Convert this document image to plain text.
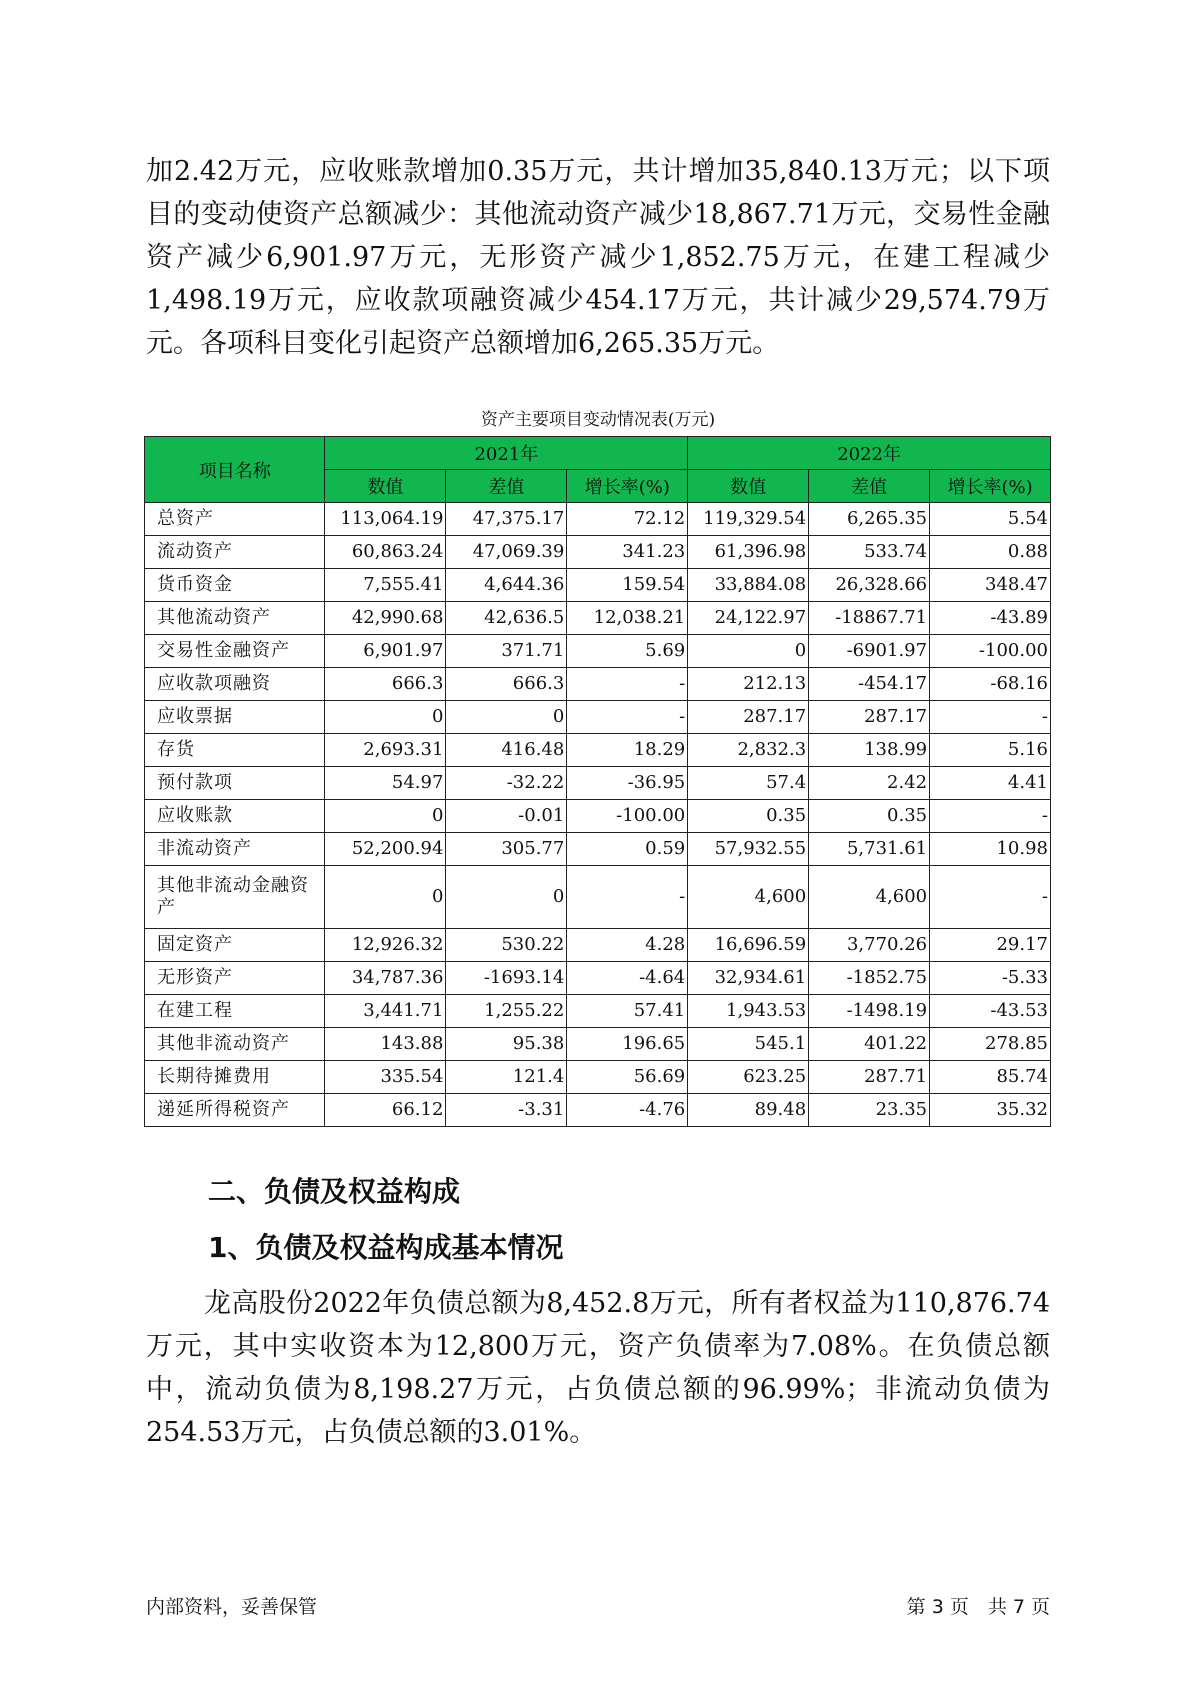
加2.42万元，应收账款增加0.35万元，共计增加35,840.13万元；以下项目的变动使资产总额减少：其他流动资产减少18,867.71万元，交易性金融资产减少6,901.97万元，无形资产减少1,852.75万元，在建工程减少1,498.19万元，应收款项融资减少454.17万元，共计减少29,574.79万元。各项科目变化引起资产总额增加6,265.35万元。

资产主要项目变动情况表(万元)
项目名称	2021年			2022年		
	数值	差值	增长率(%)	数值	差值	增长率(%)
总资产	113,064.19	47,375.17	72.12	119,329.54	6,265.35	5.54
流动资产	60,863.24	47,069.39	341.23	61,396.98	533.74	0.88
货币资金	7,555.41	4,644.36	159.54	33,884.08	26,328.66	348.47
其他流动资产	42,990.68	42,636.5	12,038.21	24,122.97	-18867.71	-43.89
交易性金融资产	6,901.97	371.71	5.69	0	-6901.97	-100.00
应收款项融资	666.3	666.3	-	212.13	-454.17	-68.16
应收票据	0	0	-	287.17	287.17	-
存货	2,693.31	416.48	18.29	2,832.3	138.99	5.16
预付款项	54.97	-32.22	-36.95	57.4	2.42	4.41
应收账款	0	-0.01	-100.00	0.35	0.35	-
非流动资产	52,200.94	305.77	0.59	57,932.55	5,731.61	10.98
其他非流动金融资产	0	0	-	4,600	4,600	-
固定资产	12,926.32	530.22	4.28	16,696.59	3,770.26	29.17
无形资产	34,787.36	-1693.14	-4.64	32,934.61	-1852.75	-5.33
在建工程	3,441.71	1,255.22	57.41	1,943.53	-1498.19	-43.53
其他非流动资产	143.88	95.38	196.65	545.1	401.22	278.85
长期待摊费用	335.54	121.4	56.69	623.25	287.71	85.74
递延所得税资产	66.12	-3.31	-4.76	89.48	23.35	35.32
二、负债及权益构成
1、负债及权益构成基本情况

龙高股份2022年负债总额为8,452.8万元，所有者权益为110,876.74万元，其中实收资本为12,800万元，资产负债率为7.08%。在负债总额中，流动负债为8,198.27万元，占负债总额的96.99%；非流动负债为254.53万元，占负债总额的3.01%。

内部资料，妥善保管	第 3 页　共 7 页
